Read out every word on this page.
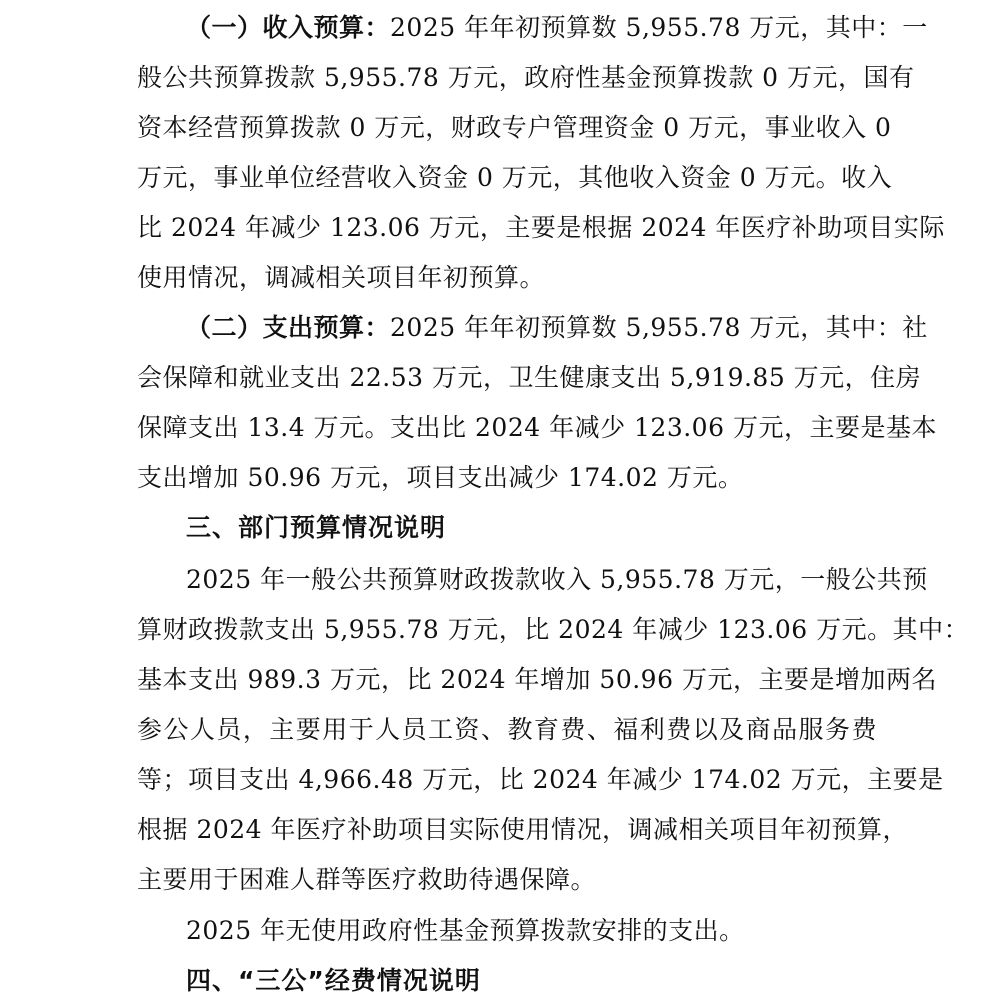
（一）收入预算：2025 年年初预算数 5,955.78 万元，其中：一
般公共预算拨款 5,955.78 万元，政府性基金预算拨款 0 万元，国有
资本经营预算拨款 0 万元，财政专户管理资金 0 万元，事业收入 0
万元，事业单位经营收入资金 0 万元，其他收入资金 0 万元。收入
比 2024 年减少 123.06 万元，主要是根据 2024 年医疗补助项目实际
使用情况，调减相关项目年初预算。
（二）支出预算：2025 年年初预算数 5,955.78 万元，其中：社
会保障和就业支出 22.53 万元，卫生健康支出 5,919.85 万元，住房
保障支出 13.4 万元。支出比 2024 年减少 123.06 万元，主要是基本
支出增加 50.96 万元，项目支出减少 174.02 万元。
三、部门预算情况说明
2025 年一般公共预算财政拨款收入 5,955.78 万元，一般公共预
算财政拨款支出 5,955.78 万元，比 2024 年减少 123.06 万元。其中：
基本支出 989.3 万元，比 2024 年增加 50.96 万元，主要是增加两名
参公人员，主要用于人员工资、教育费、福利费以及商品服务费
等；项目支出 4,966.48 万元，比 2024 年减少 174.02 万元，主要是
根据 2024 年医疗补助项目实际使用情况，调减相关项目年初预算，
主要用于困难人群等医疗救助待遇保障。
2025 年无使用政府性基金预算拨款安排的支出。
四、“三公”经费情况说明
